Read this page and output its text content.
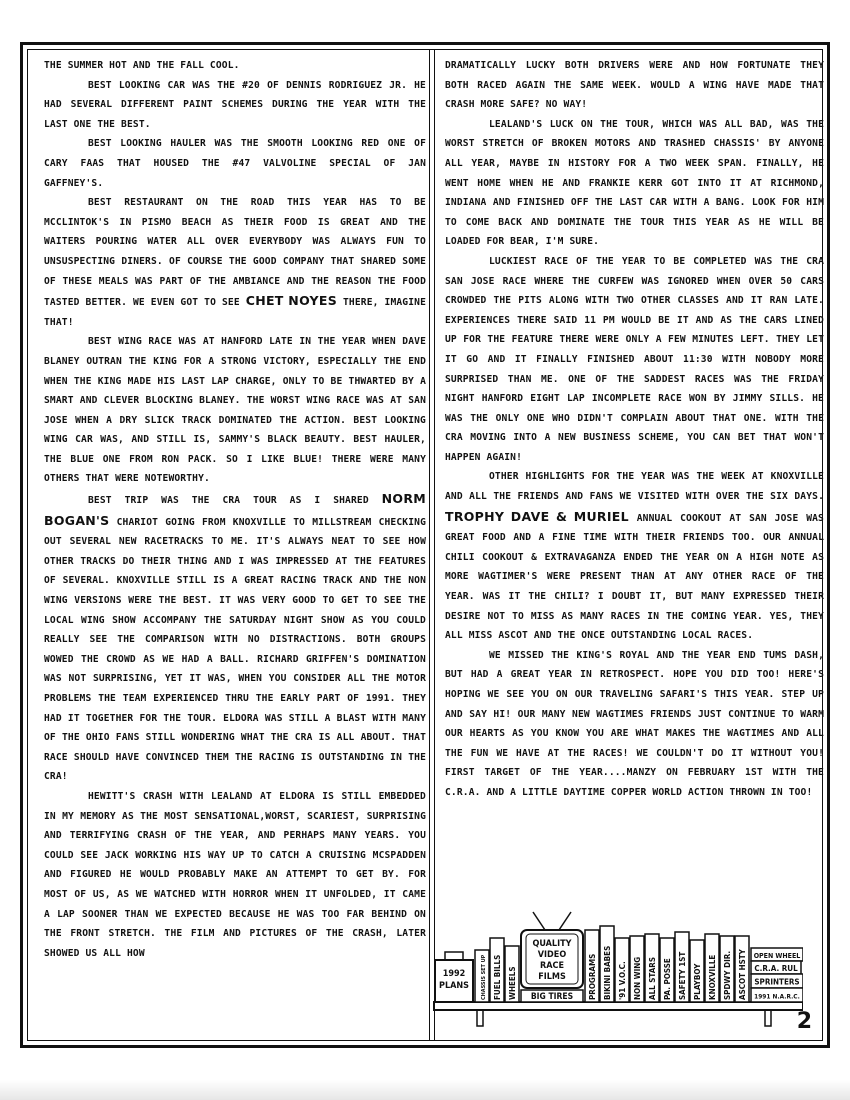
THE SUMMER HOT AND THE FALL COOL.

BEST LOOKING CAR WAS THE #20 OF DENNIS RODRIGUEZ JR. HE HAD SEVERAL DIFFERENT PAINT SCHEMES DURING THE YEAR WITH THE LAST ONE THE BEST.

BEST LOOKING HAULER WAS THE SMOOTH LOOKING RED ONE OF CARY FAAS THAT HOUSED THE #47 VALVOLINE SPECIAL OF JAN GAFFNEY'S.

BEST RESTAURANT ON THE ROAD THIS YEAR HAS TO BE MCCLINTOK'S IN PISMO BEACH AS THEIR FOOD IS GREAT AND THE WAITERS POURING WATER ALL OVER EVERYBODY WAS ALWAYS FUN TO UNSUSPECTING DINERS. OF COURSE THE GOOD COMPANY THAT SHARED SOME OF THESE MEALS WAS PART OF THE AMBIANCE AND THE REASON THE FOOD TASTED BETTER. WE EVEN GOT TO SEE CHET NOYES THERE, IMAGINE THAT!

BEST WING RACE WAS AT HANFORD LATE IN THE YEAR WHEN DAVE BLANEY OUTRAN THE KING FOR A STRONG VICTORY, ESPECIALLY THE END WHEN THE KING MADE HIS LAST LAP CHARGE, ONLY TO BE THWARTED BY A SMART AND CLEVER BLOCKING BLANEY. THE WORST WING RACE WAS AT SAN JOSE WHEN A DRY SLICK TRACK DOMINATED THE ACTION. BEST LOOKING WING CAR WAS, AND STILL IS, SAMMY'S BLACK BEAUTY. BEST HAULER, THE BLUE ONE FROM RON PACK. SO I LIKE BLUE! THERE WERE MANY OTHERS THAT WERE NOTEWORTHY.

BEST TRIP WAS THE CRA TOUR AS I SHARED NORM BOGAN'S CHARIOT GOING FROM KNOXVILLE TO MILLSTREAM CHECKING OUT SEVERAL NEW RACETRACKS TO ME. IT'S ALWAYS NEAT TO SEE HOW OTHER TRACKS DO THEIR THING AND I WAS IMPRESSED AT THE FEATURES OF SEVERAL. KNOXVILLE STILL IS A GREAT RACING TRACK AND THE NON WING VERSIONS WERE THE BEST. IT WAS VERY GOOD TO GET TO SEE THE LOCAL WING SHOW ACCOMPANY THE SATURDAY NIGHT SHOW AS YOU COULD REALLY SEE THE COMPARISON WITH NO DISTRACTIONS. BOTH GROUPS WOWED THE CROWD AS WE HAD A BALL. RICHARD GRIFFEN'S DOMINATION WAS NOT SURPRISING, YET IT WAS, WHEN YOU CONSIDER ALL THE MOTOR PROBLEMS THE TEAM EXPERIENCED THRU THE EARLY PART OF 1991. THEY HAD IT TOGETHER FOR THE TOUR. ELDORA WAS STILL A BLAST WITH MANY OF THE OHIO FANS STILL WONDERING WHAT THE CRA IS ALL ABOUT. THAT RACE SHOULD HAVE CONVINCED THEM THE RACING IS OUTSTANDING IN THE CRA!

HEWITT'S CRASH WITH LEALAND AT ELDORA IS STILL EMBEDDED IN MY MEMORY AS THE MOST SENSATIONAL,WORST, SCARIEST, SURPRISING AND TERRIFYING CRASH OF THE YEAR, AND PERHAPS MANY YEARS. YOU COULD SEE JACK WORKING HIS WAY UP TO CATCH A CRUISING MCSPADDEN AND FIGURED HE WOULD PROBABLY MAKE AN ATTEMPT TO GET BY. FOR MOST OF US, AS WE WATCHED WITH HORROR WHEN IT UNFOLDED, IT CAME A LAP SOONER THAN WE EXPECTED BECAUSE HE WAS TOO FAR BEHIND ON THE FRONT STRETCH. THE FILM AND PICTURES OF THE CRASH, LATER SHOWED US ALL HOW

DRAMATICALLY LUCKY BOTH DRIVERS WERE AND HOW FORTUNATE THEY BOTH RACED AGAIN THE SAME WEEK. WOULD A WING HAVE MADE THAT CRASH MORE SAFE? NO WAY!

LEALAND'S LUCK ON THE TOUR, WHICH WAS ALL BAD, WAS THE WORST STRETCH OF BROKEN MOTORS AND TRASHED CHASSIS' BY ANYONE ALL YEAR, MAYBE IN HISTORY FOR A TWO WEEK SPAN. FINALLY, HE WENT HOME WHEN HE AND FRANKIE KERR GOT INTO IT AT RICHMOND, INDIANA AND FINISHED OFF THE LAST CAR WITH A BANG. LOOK FOR HIM TO COME BACK AND DOMINATE THE TOUR THIS YEAR AS HE WILL BE LOADED FOR BEAR, I'M SURE.

LUCKIEST RACE OF THE YEAR TO BE COMPLETED WAS THE CRA SAN JOSE RACE WHERE THE CURFEW WAS IGNORED WHEN OVER 50 CARS CROWDED THE PITS ALONG WITH TWO OTHER CLASSES AND IT RAN LATE. EXPERIENCES THERE SAID 11 PM WOULD BE IT AND AS THE CARS LINED UP FOR THE FEATURE THERE WERE ONLY A FEW MINUTES LEFT. THEY LET IT GO AND IT FINALLY FINISHED ABOUT 11:30 WITH NOBODY MORE SURPRISED THAN ME. ONE OF THE SADDEST RACES WAS THE FRIDAY NIGHT HANFORD EIGHT LAP INCOMPLETE RACE WON BY JIMMY SILLS. HE WAS THE ONLY ONE WHO DIDN'T COMPLAIN ABOUT THAT ONE. WITH THE CRA MOVING INTO A NEW BUSINESS SCHEME, YOU CAN BET THAT WON'T HAPPEN AGAIN!

OTHER HIGHLIGHTS FOR THE YEAR WAS THE WEEK AT KNOXVILLE AND ALL THE FRIENDS AND FANS WE VISITED WITH OVER THE SIX DAYS. TROPHY DAVE & MURIEL ANNUAL COOKOUT AT SAN JOSE WAS GREAT FOOD AND A FINE TIME WITH THEIR FRIENDS TOO. OUR ANNUAL CHILI COOKOUT & EXTRAVAGANZA ENDED THE YEAR ON A HIGH NOTE AS MORE WAGTIMER'S WERE PRESENT THAN AT ANY OTHER RACE OF THE YEAR. WAS IT THE CHILI? I DOUBT IT, BUT MANY EXPRESSED THEIR DESIRE NOT TO MISS AS MANY RACES IN THE COMING YEAR. YES, THEY ALL MISS ASCOT AND THE ONCE OUTSTANDING LOCAL RACES.

WE MISSED THE KING'S ROYAL AND THE YEAR END TUMS DASH, BUT HAD A GREAT YEAR IN RETROSPECT. HOPE YOU DID TOO! HERE'S HOPING WE SEE YOU ON OUR TRAVELING SAFARI'S THIS YEAR. STEP UP AND SAY HI! OUR MANY NEW WAGTIMES FRIENDS JUST CONTINUE TO WARM OUR HEARTS AS YOU KNOW YOU ARE WHAT MAKES THE WAGTIMES AND ALL THE FUN WE HAVE AT THE RACES! WE COULDN'T DO IT WITHOUT YOU! FIRST TARGET OF THE YEAR....MANZY ON FEBRUARY 1ST WITH THE C.R.A. AND A LITTLE DAYTIME COPPER WORLD ACTION THROWN IN TOO!

2
1992
PLANS CHASSIS SET UP FUEL BILLS WHEELS
QUALITY
VIDEO
RACE
FILMS
BIG TIRES PROGRAMS BIKINI BABES '91 V.O.C. NON WING ALL STARS PA. POSSE SAFETY 1ST PLAYBOY KNOXVILLE SPDWY DIR. ASCOT HSTY OPEN WHEEL
C.R.A. RUL
SPRINTERS
1991 N.A.R.C.
